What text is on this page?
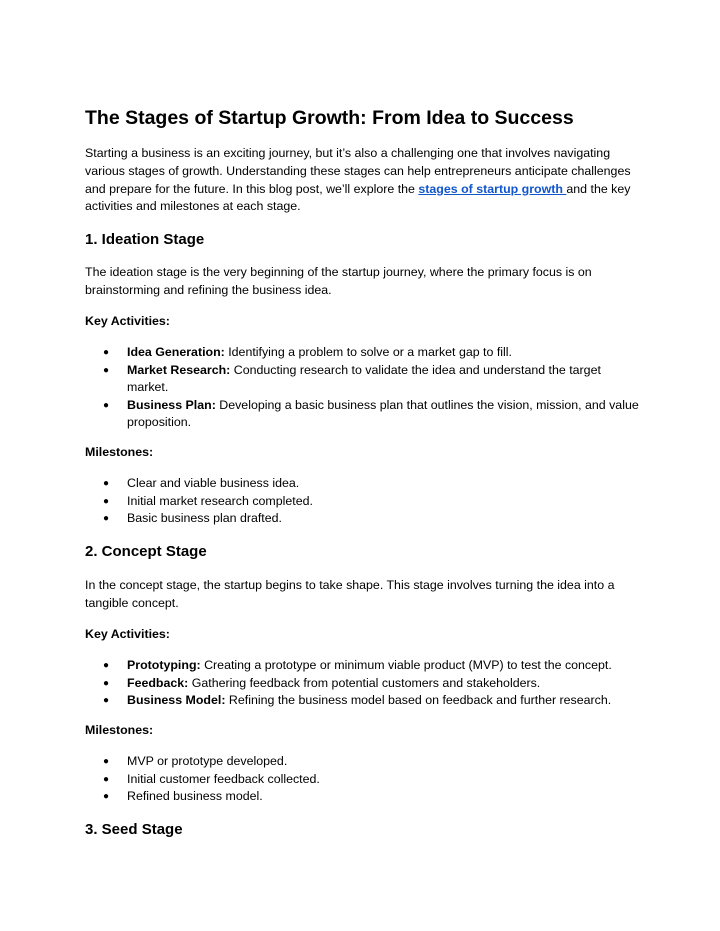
The Stages of Startup Growth: From Idea to Success

Starting a business is an exciting journey, but it’s also a challenging one that involves navigating various stages of growth. Understanding these stages can help entrepreneurs anticipate challenges and prepare for the future. In this blog post, we’ll explore the stages of startup growth and the key activities and milestones at each stage.

1. Ideation Stage

The ideation stage is the very beginning of the startup journey, where the primary focus is on brainstorming and refining the business idea.

Key Activities:

● Idea Generation: Identifying a problem to solve or a market gap to fill.
● Market Research: Conducting research to validate the idea and understand the target market.
● Business Plan: Developing a basic business plan that outlines the vision, mission, and value proposition.

Milestones:

● Clear and viable business idea.
● Initial market research completed.
● Basic business plan drafted.
2. Concept Stage

In the concept stage, the startup begins to take shape. This stage involves turning the idea into a tangible concept.

Key Activities:

● Prototyping: Creating a prototype or minimum viable product (MVP) to test the concept.
● Feedback: Gathering feedback from potential customers and stakeholders.
● Business Model: Refining the business model based on feedback and further research.

Milestones:

● MVP or prototype developed.
● Initial customer feedback collected.
● Refined business model.
3. Seed Stage
